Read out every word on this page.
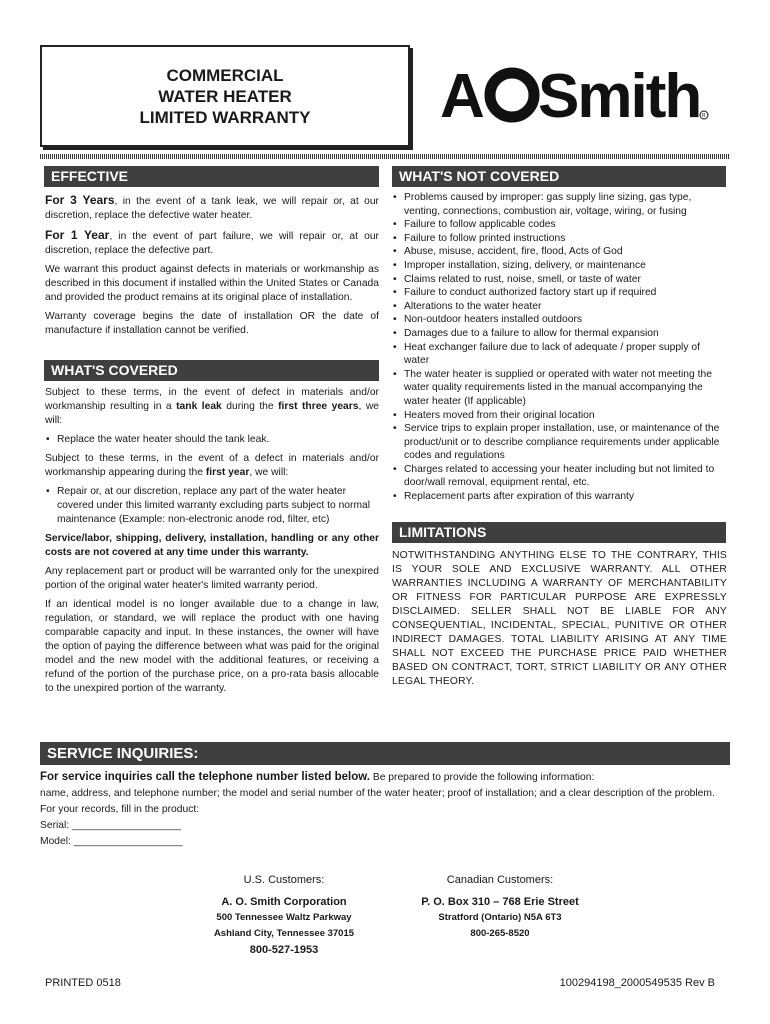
COMMERCIAL
WATER HEATER
LIMITED WARRANTY A Smith R
EFFECTIVE

For 3 Years, in the event of a tank leak, we will repair or, at our discretion, replace the defective water heater.

For 1 Year, in the event of part failure, we will repair or, at our discretion, replace the defective part.

We warrant this product against defects in materials or workmanship as described in this document if installed within the United States or Canada and provided the product remains at its original place of installation.

Warranty coverage begins the date of installation OR the date of manufacture if installation cannot be verified.

WHAT'S COVERED

Subject to these terms, in the event of defect in materials and/or workmanship resulting in a tank leak during the first three years, we will:

• Replace the water heater should the tank leak.

Subject to these terms, in the event of a defect in materials and/or workmanship appearing during the first year, we will:

• Repair or, at our discretion, replace any part of the water heater covered under this limited warranty excluding parts subject to normal maintenance (Example: non-electronic anode rod, filter, etc)

Service/labor, shipping, delivery, installation, handling or any other costs are not covered at any time under this warranty.

Any replacement part or product will be warranted only for the unexpired portion of the original water heater's limited warranty period.

If an identical model is no longer available due to a change in law, regulation, or standard, we will replace the product with one having comparable capacity and input. In these instances, the owner will have the option of paying the difference between what was paid for the original model and the new model with the additional features, or receiving a refund of the portion of the purchase price, on a pro-rata basis allocable to the unexpired portion of the warranty.

WHAT'S NOT COVERED
• Problems caused by improper: gas supply line sizing, gas type, venting, connections, combustion air, voltage, wiring, or fusing
• Failure to follow applicable codes
• Failure to follow printed instructions
• Abuse, misuse, accident, fire, flood, Acts of God
• Improper installation, sizing, delivery, or maintenance
• Claims related to rust, noise, smell, or taste of water
• Failure to conduct authorized factory start up if required
• Alterations to the water heater
• Non-outdoor heaters installed outdoors
• Damages due to a failure to allow for thermal expansion
• Heat exchanger failure due to lack of adequate / proper supply of water
• The water heater is supplied or operated with water not meeting the water quality requirements listed in the manual accompanying the water heater (If applicable)
• Heaters moved from their original location
• Service trips to explain proper installation, use, or maintenance of the product/unit or to describe compliance requirements under applicable codes and regulations
• Charges related to accessing your heater including but not limited to door/wall removal, equipment rental, etc.
• Replacement parts after expiration of this warranty
LIMITATIONS

NOTWITHSTANDING ANYTHING ELSE TO THE CONTRARY, THIS IS YOUR SOLE AND EXCLUSIVE WARRANTY. ALL OTHER WARRANTIES INCLUDING A WARRANTY OF MERCHANTABILITY OR FITNESS FOR PARTICULAR PURPOSE ARE EXPRESSLY DISCLAIMED. SELLER SHALL NOT BE LIABLE FOR ANY CONSEQUENTIAL, INCIDENTAL, SPECIAL, PUNITIVE OR OTHER INDIRECT DAMAGES. TOTAL LIABILITY ARISING AT ANY TIME SHALL NOT EXCEED THE PURCHASE PRICE PAID WHETHER BASED ON CONTRACT, TORT, STRICT LIABILITY OR ANY OTHER LEGAL THEORY.

SERVICE INQUIRIES:

For service inquiries call the telephone number listed below. Be prepared to provide the following information:

name, address, and telephone number; the model and serial number of the water heater; proof of installation; and a clear description of the problem.

For your records, fill in the product:

Serial: ___________________

Model: ___________________

U.S. Customers:
A. O. Smith Corporation
500 Tennessee Waltz Parkway
Ashland City, Tennessee 37015
800-527-1953
Canadian Customers:
P. O. Box 310 – 768 Erie Street
Stratford (Ontario) N5A 6T3
800-265-8520
PRINTED 0518	100294198_2000549535 Rev B
